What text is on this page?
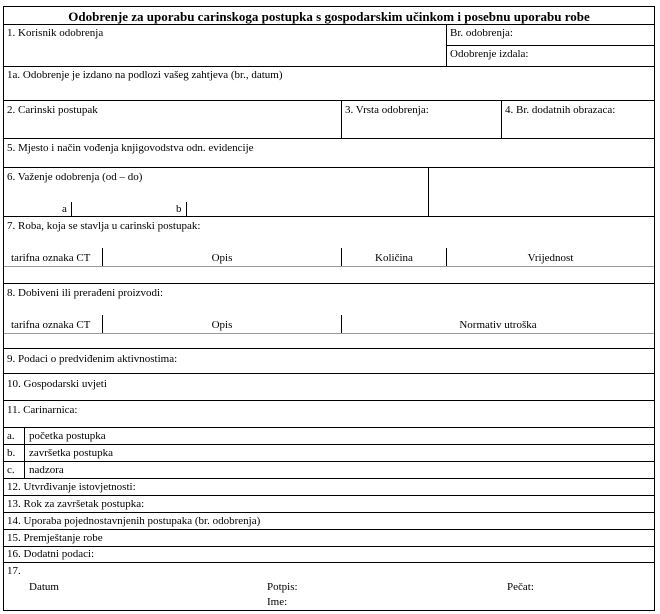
Odobrenje za uporabu carinskoga postupka s gospodarskim učinkom i posebnu uporabu robe
1. Korisnik odobrenja	Br. odobrenja:
Odobrenje izdala:
1a. Odobrenje je izdano na podlozi vašeg zahtjeva (br., datum)
2. Carinski postupak	3. Vrsta odobrenja:	4. Br. dodatnih obrazaca:
5. Mjesto i način vođenja knjigovodstva odn. evidencije
6. Važenje odobrenja (od – do)
a	b
7. Roba, koja se stavlja u carinski postupak:
tarifna oznaka CT	Opis	Količina	Vrijednost
8. Dobiveni ili prerađeni proizvodi:
tarifna oznaka CT	Opis	Normativ utroška
9. Podaci o predviđenim aktivnostima:
10. Gospodarski uvjeti
11. Carinarnica:
a. početka postupka
b. završetka postupka
c. nadzora
12. Utvrđivanje istovjetnosti:
13. Rok za završetak postupka:
14. Uporaba pojednostavnjenih postupaka (br. odobrenja)
15. Premještanje robe
16. Dodatni podaci:
17.
Datum	Potpis:
Ime:
Pečat:
